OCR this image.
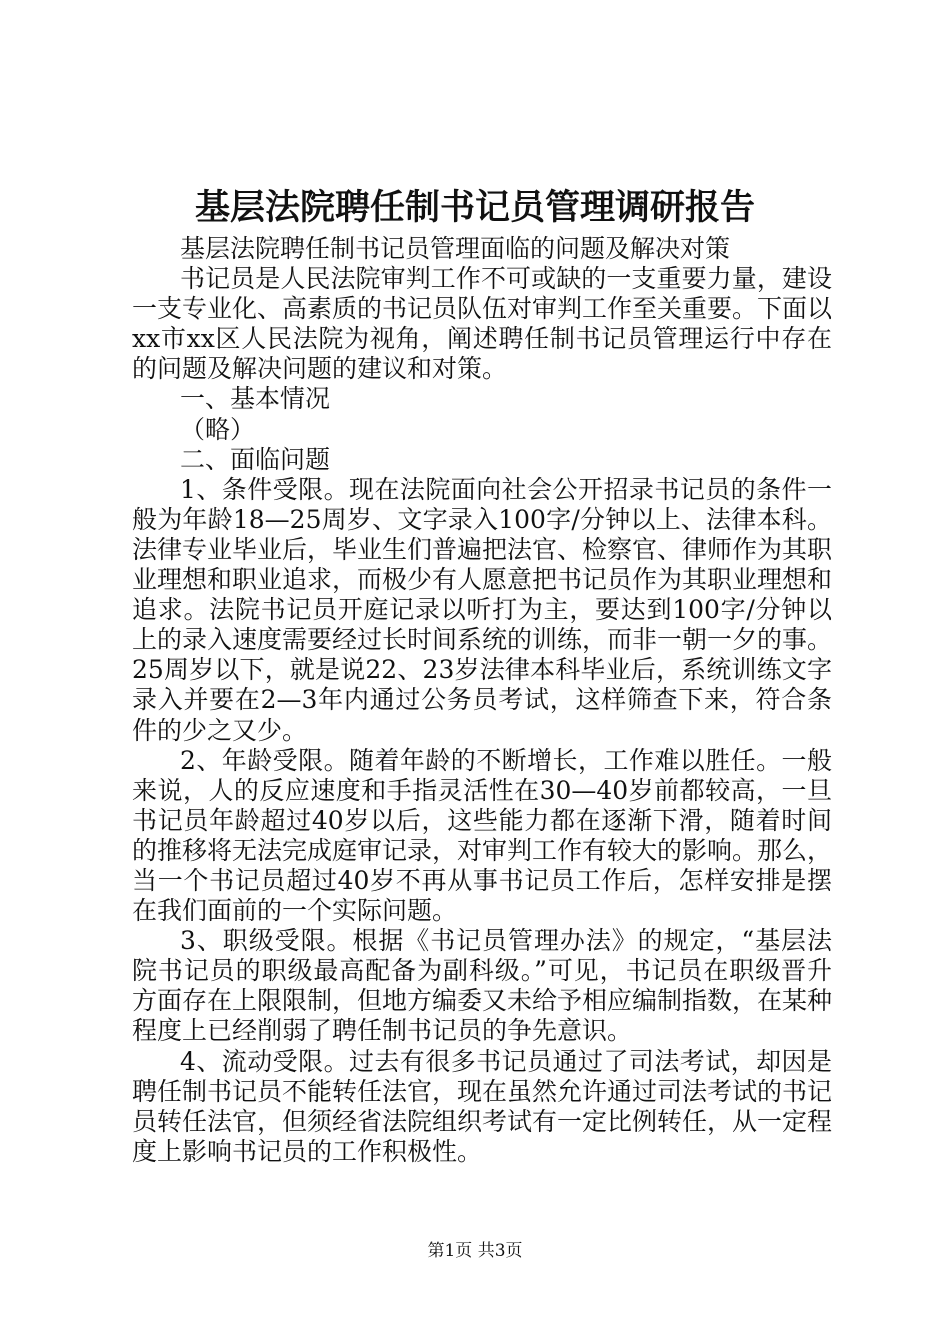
基层法院聘任制书记员管理调研报告

基层法院聘任制书记员管理面临的问题及解决对策

书记员是人民法院审判工作不可或缺的一支重要力量，建设一支专业化、高素质的书记员队伍对审判工作至关重要。下面以xx市xx区人民法院为视角，阐述聘任制书记员管理运行中存在的问题及解决问题的建议和对策。

一、基本情况

（略）

二、面临问题

1、条件受限。现在法院面向社会公开招录书记员的条件一般为年龄18—25周岁、文字录入100字/分钟以上、法律本科。法律专业毕业后，毕业生们普遍把法官、检察官、律师作为其职业理想和职业追求，而极少有人愿意把书记员作为其职业理想和追求。法院书记员开庭记录以听打为主，要达到100字/分钟以上的录入速度需要经过长时间系统的训练，而非一朝一夕的事。25周岁以下，就是说22、23岁法律本科毕业后，系统训练文字录入并要在2—3年内通过公务员考试，这样筛查下来，符合条件的少之又少。

2、年龄受限。随着年龄的不断增长，工作难以胜任。一般来说，人的反应速度和手指灵活性在30—40岁前都较高，一旦书记员年龄超过40岁以后，这些能力都在逐渐下滑，随着时间的推移将无法完成庭审记录，对审判工作有较大的影响。那么，当一个书记员超过40岁不再从事书记员工作后，怎样安排是摆在我们面前的一个实际问题。

3、职级受限。根据《书记员管理办法》的规定，“基层法院书记员的职级最高配备为副科级。”可见，书记员在职级晋升方面存在上限限制，但地方编委又未给予相应编制指数，在某种程度上已经削弱了聘任制书记员的争先意识。

4、流动受限。过去有很多书记员通过了司法考试，却因是聘任制书记员不能转任法官，现在虽然允许通过司法考试的书记员转任法官，但须经省法院组织考试有一定比例转任，从一定程度上影响书记员的工作积极性。

第1页 共3页
